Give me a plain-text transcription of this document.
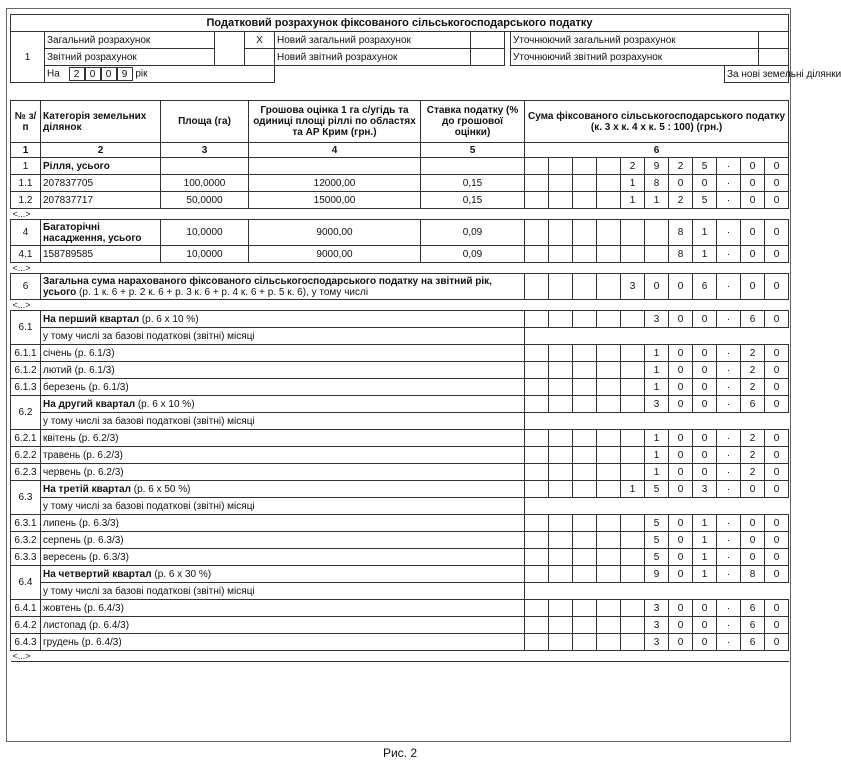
Податковий розрахунок фіксованого сільськогосподарського податку										
1	Загальний розрахунок		X	Новий загальний розрахунок			Уточнюючий загальний розрахунок			
	Звітний розрахунок			Новий звітний розрахунок			Уточнюючий звітний розрахунок			
	На 2 0 0 9 рік							За нові земельні ділянки		
№ з/п	Категорія земельних ділянок	Площа (га)	Грошова оцінка 1 га с/угідь та одиниці площі ріллі по областях та АР Крим (грн.)	Ставка податку (% до грошової оцінки)	Сума фіксованого сільськогосподарського податку (к. 3 х к. 4 х к. 5 : 100) (грн.)										
1	2	3	4	5	6										
1	Рілля, усього								2	9	2	5	·	0	0
1.1	207837705	100,0000	12000,00	0,15					1	8	0	0	·	0	0
1.2	207837717	50,0000	15000,00	0,15					1	1	2	5	·	0	0
<...>															
4	Багаторічні насадження, усього	10,0000	9000,00	0,09							8	1	·	0	0
4.1	158789585	10,0000	9000,00	0,09							8	1	·	0	0
<...>															
6	Загальна сума нарахованого фіксованого сільськогосподарського податку на звітний рік, усього (р. 1 к. 6 + р. 2 к. 6 + р. 3 к. 6 + р. 4 к. 6 + р. 5 к. 6), у тому числі								3	0	0	6	·	0	0
<...>															
6.1	На перший квартал (р. 6 х 10 %)									3	0	0	·	6	0
	у тому числі за базові податкові (звітні) місяці														
6.1.1	січень (р. 6.1/3)									1	0	0	·	2	0
6.1.2	лютий (р. 6.1/3)									1	0	0	·	2	0
6.1.3	березень (р. 6.1/3)									1	0	0	·	2	0
6.2	На другий квартал (р. 6 х 10 %)									3	0	0	·	6	0
	у тому числі за базові податкові (звітні) місяці														
6.2.1	квітень (р. 6.2/3)									1	0	0	·	2	0
6.2.2	травень (р. 6.2/3)									1	0	0	·	2	0
6.2.3	червень (р. 6.2/3)									1	0	0	·	2	0
6.3	На третій квартал (р. 6 х 50 %)								1	5	0	3	·	0	0
	у тому числі за базові податкові (звітні) місяці														
6.3.1	липень (р. 6.3/3)									5	0	1	·	0	0
6.3.2	серпень (р. 6.3/3)									5	0	1	·	0	0
6.3.3	вересень (р. 6.3/3)									5	0	1	·	0	0
6.4	На четвертий квартал (р. 6 х 30 %)									9	0	1	·	8	0
	у тому числі за базові податкові (звітні) місяці														
6.4.1	жовтень (р. 6.4/3)									3	0	0	·	6	0
6.4.2	листопад (р. 6.4/3)									3	0	0	·	6	0
6.4.3	грудень (р. 6.4/3)									3	0	0	·	6	0
<...>															
Рис. 2
